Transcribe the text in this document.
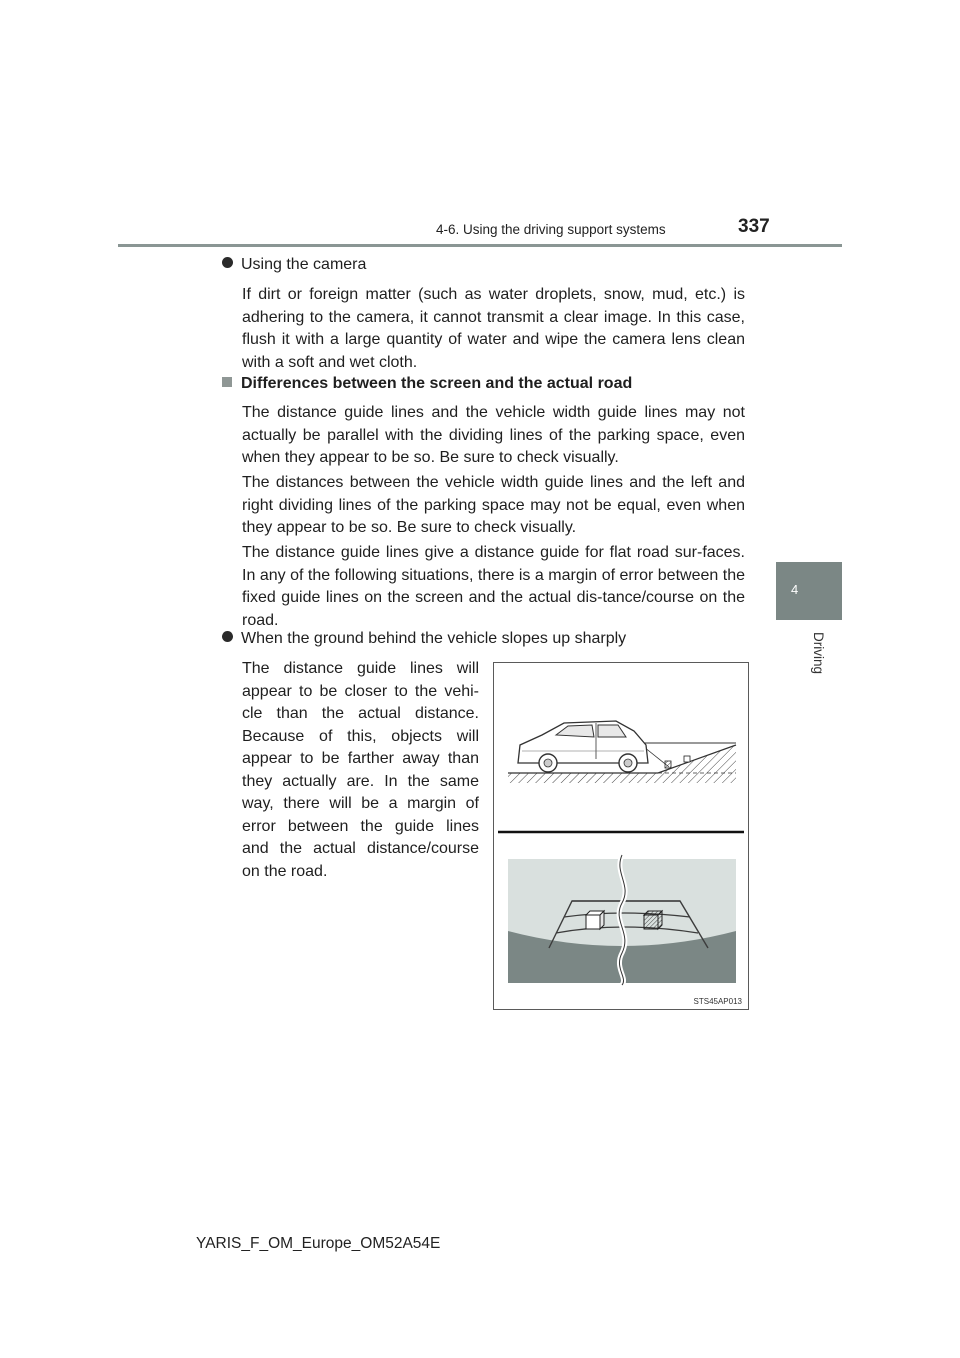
4-6. Using the driving support systems	337
4
Driving
Using the camera
If dirt or foreign matter (such as water droplets, snow, mud, etc.) is adhering to the camera, it cannot transmit a clear image. In this case, flush it with a large quantity of water and wipe the camera lens clean with a soft and wet cloth.
Differences between the screen and the actual road
The distance guide lines and the vehicle width guide lines may not actually be parallel with the dividing lines of the parking space, even when they appear to be so. Be sure to check visually.
The distances between the vehicle width guide lines and the left and right dividing lines of the parking space may not be equal, even when they appear to be so. Be sure to check visually.
The distance guide lines give a distance guide for flat road sur-faces. In any of the following situations, there is a margin of error between the fixed guide lines on the screen and the actual dis-tance/course on the road.
When the ground behind the vehicle slopes up sharply
The distance guide lines will appear to be closer to the vehi-cle than the actual distance. Because of this, objects will appear to be farther away than they actually are. In the same way, there will be a margin of error between the guide lines and the actual distance/course on the road.
STS45AP013
YARIS_F_OM_Europe_OM52A54E
